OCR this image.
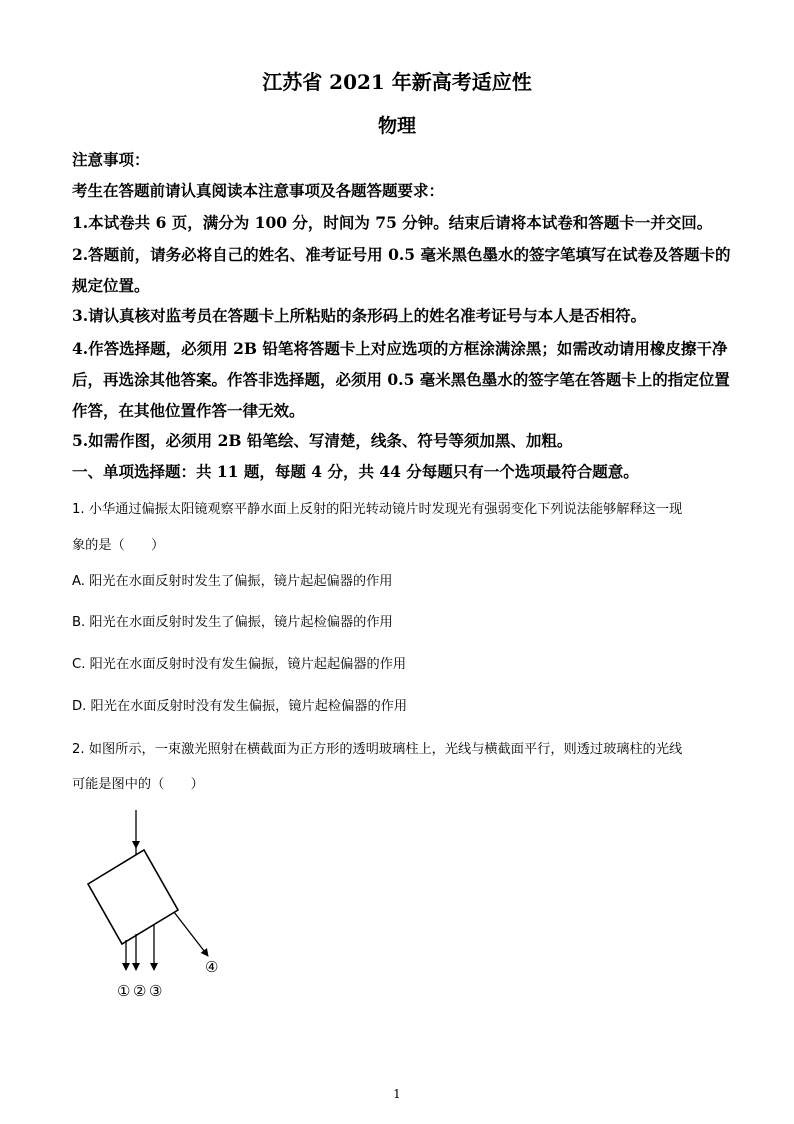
江苏省 2021 年新高考适应性
物理
注意事项：
考生在答题前请认真阅读本注意事项及各题答题要求：
1.本试卷共 6 页，满分为 100 分，时间为 75 分钟。结束后请将本试卷和答题卡一并交回。
2.答题前，请务必将自己的姓名、准考证号用 0.5 毫米黑色墨水的签字笔填写在试卷及答题卡的规定位置。
3.请认真核对监考员在答题卡上所粘贴的条形码上的姓名准考证号与本人是否相符。
4.作答选择题，必须用 2B 铅笔将答题卡上对应选项的方框涂满涂黑；如需改动请用橡皮擦干净后，再选涂其他答案。作答非选择题，必须用 0.5 毫米黑色墨水的签字笔在答题卡上的指定位置作答，在其他位置作答一律无效。
5.如需作图，必须用 2B 铅笔绘、写清楚，线条、符号等须加黑、加粗。
一、单项选择题：共 11 题，每题 4 分，共 44 分每题只有一个选项最符合题意。
1. 小华通过偏振太阳镜观察平静水面上反射的阳光转动镜片时发现光有强弱变化下列说法能够解释这一现
象的是（　　）
A. 阳光在水面反射时发生了偏振，镜片起起偏器的作用
B. 阳光在水面反射时发生了偏振，镜片起检偏器的作用
C. 阳光在水面反射时没有发生偏振，镜片起起偏器的作用
D. 阳光在水面反射时没有发生偏振，镜片起检偏器的作用
2. 如图所示，一束激光照射在横截面为正方形的透明玻璃柱上，光线与横截面平行，则透过玻璃柱的光线
可能是图中的（　　）
① ② ③
④
1
